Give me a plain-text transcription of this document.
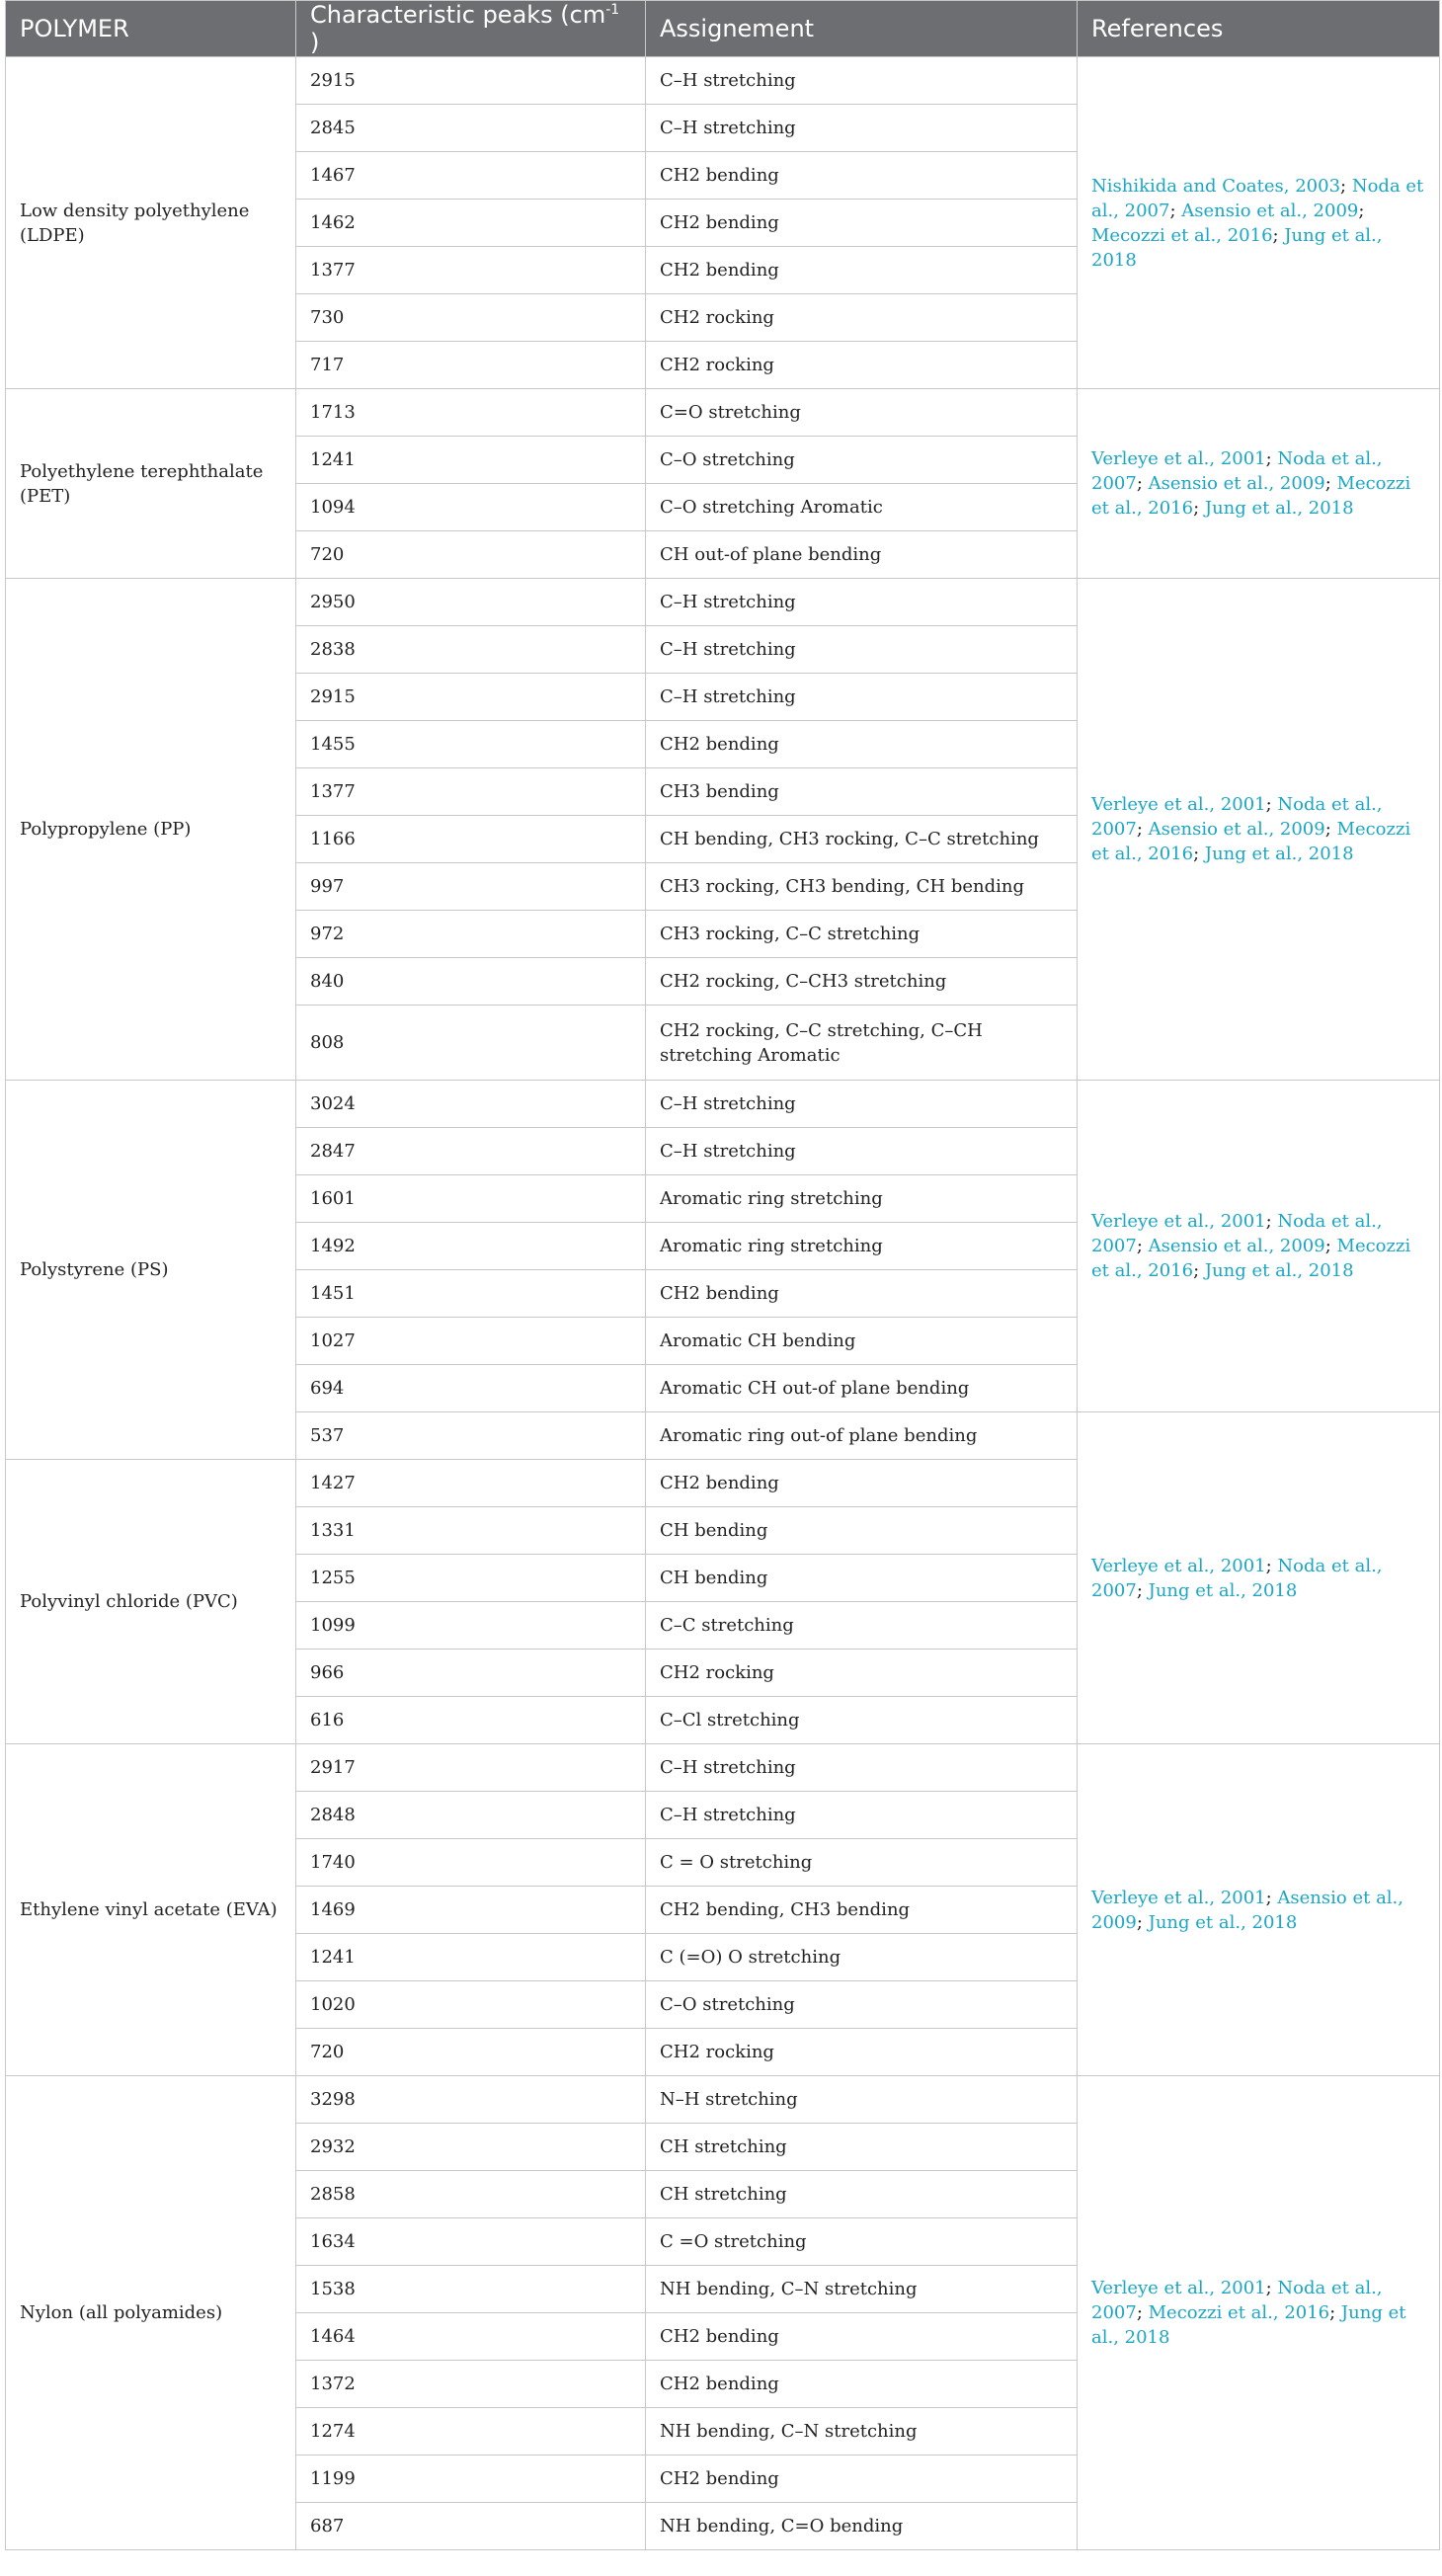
POLYMER	Characteristic peaks ($cm^{-1}$ )	Assignement	References
Low density polyethylene (LDPE)	2915	C–H stretching	Nishikida and Coates, 2003; Noda et al., 2007; Asensio et al., 2009; Mecozzi et al., 2016; Jung et al., 2018
	2845	C–H stretching	
	1467	CH2 bending	
	1462	CH2 bending	
	1377	CH2 bending	
	730	CH2 rocking	
	717	CH2 rocking	
Polyethylene terephthalate (PET)	1713	C=O stretching	Verleye et al., 2001; Noda et al., 2007; Asensio et al., 2009; Mecozzi et al., 2016; Jung et al., 2018
	1241	C–O stretching	
	1094	C–O stretching Aromatic	
	720	CH out-of plane bending	
Polypropylene (PP)	2950	C–H stretching	Verleye et al., 2001; Noda et al., 2007; Asensio et al., 2009; Mecozzi et al., 2016; Jung et al., 2018
	2838	C–H stretching	
	2915	C–H stretching	
	1455	CH2 bending	
	1377	CH3 bending	
	1166	CH bending, CH3 rocking, C–C stretching	
	997	CH3 rocking, CH3 bending, CH bending	
	972	CH3 rocking, C–C stretching	
	840	CH2 rocking, C–CH3 stretching	
	808	CH2 rocking, C–C stretching, C–CH stretching Aromatic	
Polystyrene (PS)	3024	C–H stretching	Verleye et al., 2001; Noda et al., 2007; Asensio et al., 2009; Mecozzi et al., 2016; Jung et al., 2018
	2847	C–H stretching	
	1601	Aromatic ring stretching	
	1492	Aromatic ring stretching	
	1451	CH2 bending	
	1027	Aromatic CH bending	
	694	Aromatic CH out-of plane bending	
	537	Aromatic ring out-of plane bending	Verleye et al., 2001; Noda et al., 2007; Jung et al., 2018
Polyvinyl chloride (PVC)	1427	CH2 bending	
	1331	CH bending	
	1255	CH bending	
	1099	C–C stretching	
	966	CH2 rocking	
	616	C–Cl stretching	
Ethylene vinyl acetate (EVA)	2917	C–H stretching	Verleye et al., 2001; Asensio et al., 2009; Jung et al., 2018
	2848	C–H stretching	
	1740	C = O stretching	
	1469	CH2 bending, CH3 bending	
	1241	C (=O) O stretching	
	1020	C–O stretching	
	720	CH2 rocking	
Nylon (all polyamides)	3298	N–H stretching	Verleye et al., 2001; Noda et al., 2007; Mecozzi et al., 2016; Jung et al., 2018
	2932	CH stretching	
	2858	CH stretching	
	1634	C =O stretching	
	1538	NH bending, C–N stretching	
	1464	CH2 bending	
	1372	CH2 bending	
	1274	NH bending, C–N stretching	
	1199	CH2 bending	
	687	NH bending, C=O bending	
